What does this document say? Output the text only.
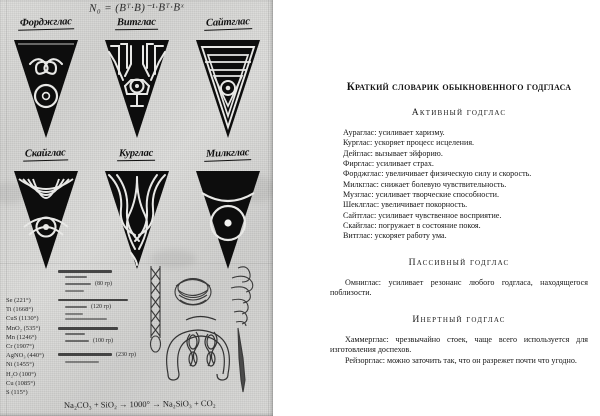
N₀ = (Bᵀ·B)⁻¹·Bᵀ·Bˣ
Форджглас	Витглас	Сайтглас
Скайглас	Курглас	Милкглас
(80 гр)
(120 гр)
(100 гр)
(230 гр)
Se (221°)
Ti (1668°)
CuS (1130°)
MnO₂ (535°)
Mn (1246°)
Cr (1907°)
AgNO₃ (440°)
Ni (1455°)
H₂O (100°)
Cu (1085°)
S (115°)
Na₂CO₃ + SiO₂ → 1000° → Na₂SiO₃ + CO₂
Краткий словарик обыкновенного годгласа
Активный годглас
Аураглас: усиливает харизму.
Курглас: ускоряет процесс исцеления.
Дейглас: вызывает эйфорию.
Фирглас: усиливает страх.
Форджглас: увеличивает физическую силу и скорость.
Милкглас: снижает болевую чувствительность.
Музглас: усиливает творческие способности.
Шеклглас: увеличивает покорность.
Сайтглас: усиливает чувственное восприятие.
Скайглас: погружает в состояние покоя.
Витглас: ускоряет работу ума.
Пассивный годглас
Омниглас: усиливает резонанс любого годгласа, находящегося поблизости.
Инертный годглас
Хаммерглас: чрезвычайно стоек, чаще всего используется для изготовления доспехов.
Рейзорглас: можно заточить так, что он разрежет почти что угодно.
